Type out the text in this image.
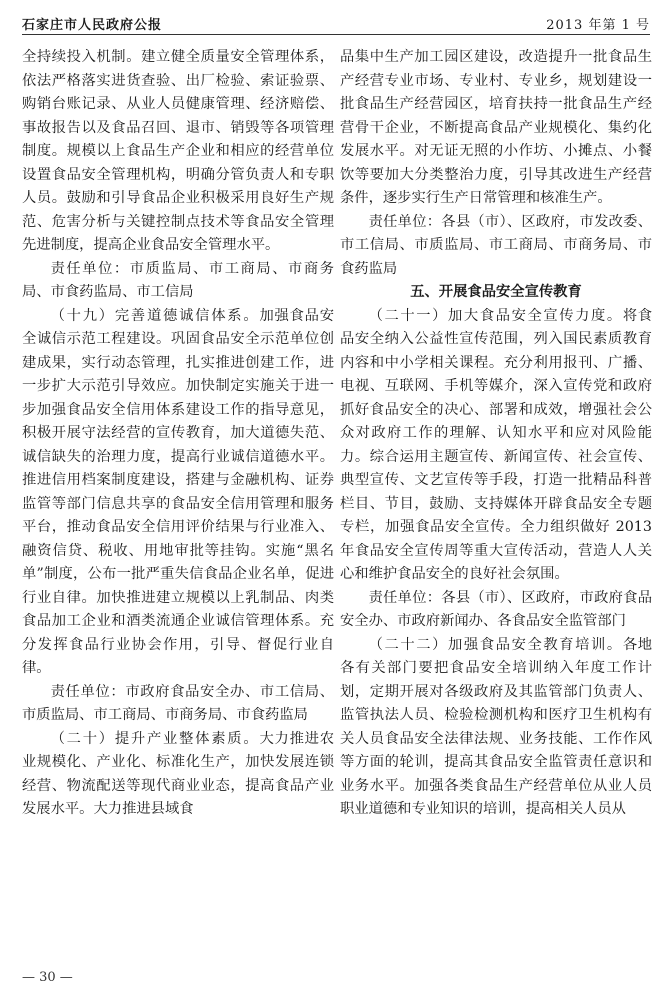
石家庄市人民政府公报	2013 年第 1 号

全持续投入机制。建立健全质量安全管理体系，依法严格落实进货查验、出厂检验、索证验票、购销台账记录、从业人员健康管理、经济赔偿、事故报告以及食品召回、退市、销毁等各项管理制度。规模以上食品生产企业和相应的经营单位设置食品安全管理机构，明确分管负责人和专职人员。鼓励和引导食品企业积极采用良好生产规范、危害分析与关键控制点技术等食品安全管理先进制度，提高企业食品安全管理水平。

责任单位：市质监局、市工商局、市商务局、市食药监局、市工信局

（十九）完善道德诚信体系。加强食品安全诚信示范工程建设。巩固食品安全示范单位创建成果，实行动态管理，扎实推进创建工作，进一步扩大示范引导效应。加快制定实施关于进一步加强食品安全信用体系建设工作的指导意见，积极开展守法经营的宣传教育，加大道德失范、诚信缺失的治理力度，提高行业诚信道德水平。推进信用档案制度建设，搭建与金融机构、证券监管等部门信息共享的食品安全信用管理和服务平台，推动食品安全信用评价结果与行业准入、融资信贷、税收、用地审批等挂钩。实施“黑名单”制度，公布一批严重失信食品企业名单，促进行业自律。加快推进建立规模以上乳制品、肉类食品加工企业和酒类流通企业诚信管理体系。充分发挥食品行业协会作用，引导、督促行业自律。

责任单位：市政府食品安全办、市工信局、市质监局、市工商局、市商务局、市食药监局

（二十）提升产业整体素质。大力推进农业规模化、产业化、标准化生产，加快发展连锁经营、物流配送等现代商业业态，提高食品产业发展水平。大力推进县域食

品集中生产加工园区建设，改造提升一批食品生产经营专业市场、专业村、专业乡，规划建设一批食品生产经营园区，培育扶持一批食品生产经营骨干企业，不断提高食品产业规模化、集约化发展水平。对无证无照的小作坊、小摊点、小餐饮等要加大分类整治力度，引导其改进生产经营条件，逐步实行生产日常管理和核准生产。

责任单位：各县（市）、区政府，市发改委、市工信局、市质监局、市工商局、市商务局、市食药监局

五、开展食品安全宣传教育

（二十一）加大食品安全宣传力度。将食品安全纳入公益性宣传范围，列入国民素质教育内容和中小学相关课程。充分利用报刊、广播、电视、互联网、手机等媒介，深入宣传党和政府抓好食品安全的决心、部署和成效，增强社会公众对政府工作的理解、认知水平和应对风险能力。综合运用主题宣传、新闻宣传、社会宣传、典型宣传、文艺宣传等手段，打造一批精品科普栏目、节目，鼓励、支持媒体开辟食品安全专题专栏，加强食品安全宣传。全力组织做好 2013 年食品安全宣传周等重大宣传活动，营造人人关心和维护食品安全的良好社会氛围。

责任单位：各县（市）、区政府，市政府食品安全办、市政府新闻办、各食品安全监管部门

（二十二）加强食品安全教育培训。各地各有关部门要把食品安全培训纳入年度工作计划，定期开展对各级政府及其监管部门负责人、监管执法人员、检验检测机构和医疗卫生机构有关人员食品安全法律法规、业务技能、工作作风等方面的轮训，提高其食品安全监管责任意识和业务水平。加强各类食品生产经营单位从业人员职业道德和专业知识的培训，提高相关人员从

— 30 —
